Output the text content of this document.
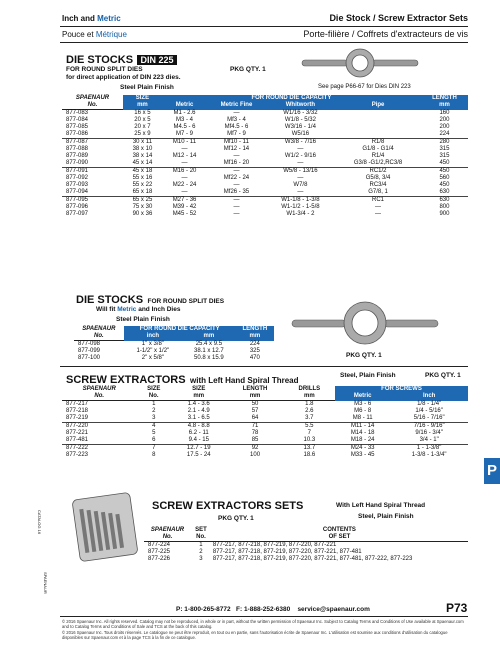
Inch and Metric	Die Stock / Screw Extractor Sets
Pouce et Métrique	Porte-filière / Coffrets d'extracteurs de vis
DIE STOCKS DIN 225
FOR ROUND SPLIT DIES
for direct application of DIN 223 dies.
Steel Plain Finish
PKG QTY. 1
See page P66-67 for Dies DIN 223
SPAENAUR	SIZE	FOR ROUND DIE CAPACITY				LENGTH
No.	mm	Metric	Metric Fine	Whitworth	Pipe	mm
877-083	16 x 5	M1 - 2.6	—	W1/16 - 3/32		160
877-084	20 x 5	M3 - 4	Mf3 - 4	W1/8 - 5/32		200
877-085	20 x 7	M4.5 - 6	Mf4.5 - 6	W3/16 - 1/4		200
877-086	25 x 9	M7 - 9	Mf7 - 9	W5/16		224
877-087	30 x 11	M10 - 11	Mf10 - 11	W3/8 - 7/16	R1/8	280
877-088	38 x 10	—	Mf12 - 14	—	G1/8 - G1/4	315
877-089	38 x 14	M12 - 14	—	W1/2 - 9/16	R1/4	315
877-090	45 x 14	—	Mf16 - 20	—	G3/8 -G1/2,RC3/8	450
877-091	45 x 18	M16 - 20	—	W5/8 - 13/16	RC1/2	450
877-092	55 x 16	—	Mf22 - 24	—	G5/8, 3/4	560
877-093	55 x 22	M22 - 24	—	W7/8	RC3/4	450
877-094	65 x 18	—	Mf26 - 35	—	G7/8, 1	630
877-095	65 x 25	M27 - 36	—	W1-1/8 - 1-3/8	RC1	630
877-096	75 x 30	M39 - 42	—	W1-1/2 - 1-5/8	—	800
877-097	90 x 36	M45 - 52	—	W1-3/4 - 2	—	900
DIE STOCKS FOR ROUND SPLIT DIES
Will fit Metric and Inch Dies
Steel Plain Finish
SPAENAUR	FOR ROUND DIE CAPACITY		LENGTH
No.	inch	mm	mm
877-098	1" x 3/8"	25.4 x 9.5	224
877-099	1-1/2" x 1/2"	38.1 x 12.7	325
877-100	2" x 5/8"	50.8 x 15.9	470	PKG QTY. 1
SCREW EXTRACTORS with Left Hand Spiral Thread
Steel, Plain Finish	PKG QTY. 1
SPAENAUR	SIZE	SIZE	LENGTH	DRILLS	FOR SCREWS	
No.	No.	mm	mm	mm	Metric	Inch
877-217	1	1.4 - 3.6	50	1.8	M3 - 6	1/8 - 1/4"
877-218	2	2.1 - 4.9	57	2.6	M6 - 8	1/4 - 5/16"
877-219	3	3.1 - 6.5	64	3.7	M8 - 11	5/16 - 7/16"
877-220	4	4.8 - 8.8	71	5.5	M11 - 14	7/16 - 9/16"
877-221	5	6.2 - 11	78	7	M14 - 18	9/16 - 3/4"
877-481	6	9.4 - 15	85	10.3	M18 - 24	3/4 - 1"
877-222	7	12.7 - 19	92	13.7	M24 - 33	1 - 1-3/8"
877-223	8	17.5 - 24	100	18.6	M33 - 45	1-3/8 - 1-3/4"
CATALOG 16
SPAENAUR
SCREW EXTRACTORS SETS	With Left Hand Spiral Thread
PKG QTY. 1	Steel, Plain Finish
SPAENAUR	SET	CONTENTS
No.	No.	OF SET
877-224	1	877-217, 877-218, 877-219, 877-220, 877-221
877-225	2	877-217, 877-218, 877-219, 877-220, 877-221, 877-481
877-226	3	877-217, 877-218, 877-219, 877-220, 877-221, 877-481, 877-222, 877-223
P
P: 1-800-265-8772 F: 1-888-252-6380 service@spaenaur.com	P73
© 2016 Spaenaur Inc. All rights reserved. Catalog may not be reproduced, in whole or in part, without the written permission of Spaenaur Inc. Subject to Catalog Terms and Conditions of Use available at Spaenaur.com and to Catalog Terms and Conditions of Sale and TCS at the back of this catalog.
© 2016 Spaenaur Inc. Tous droits réservés. Le catalogue ne peut être reproduit, en tout ou en partie, sans l'autorisation écrite de Spaenaur Inc. L'utilisation est soumise aux conditions d'utilisation du catalogue disponibles sur Spaenaur.com et à la page TCS à la fin de ce catalogue.
